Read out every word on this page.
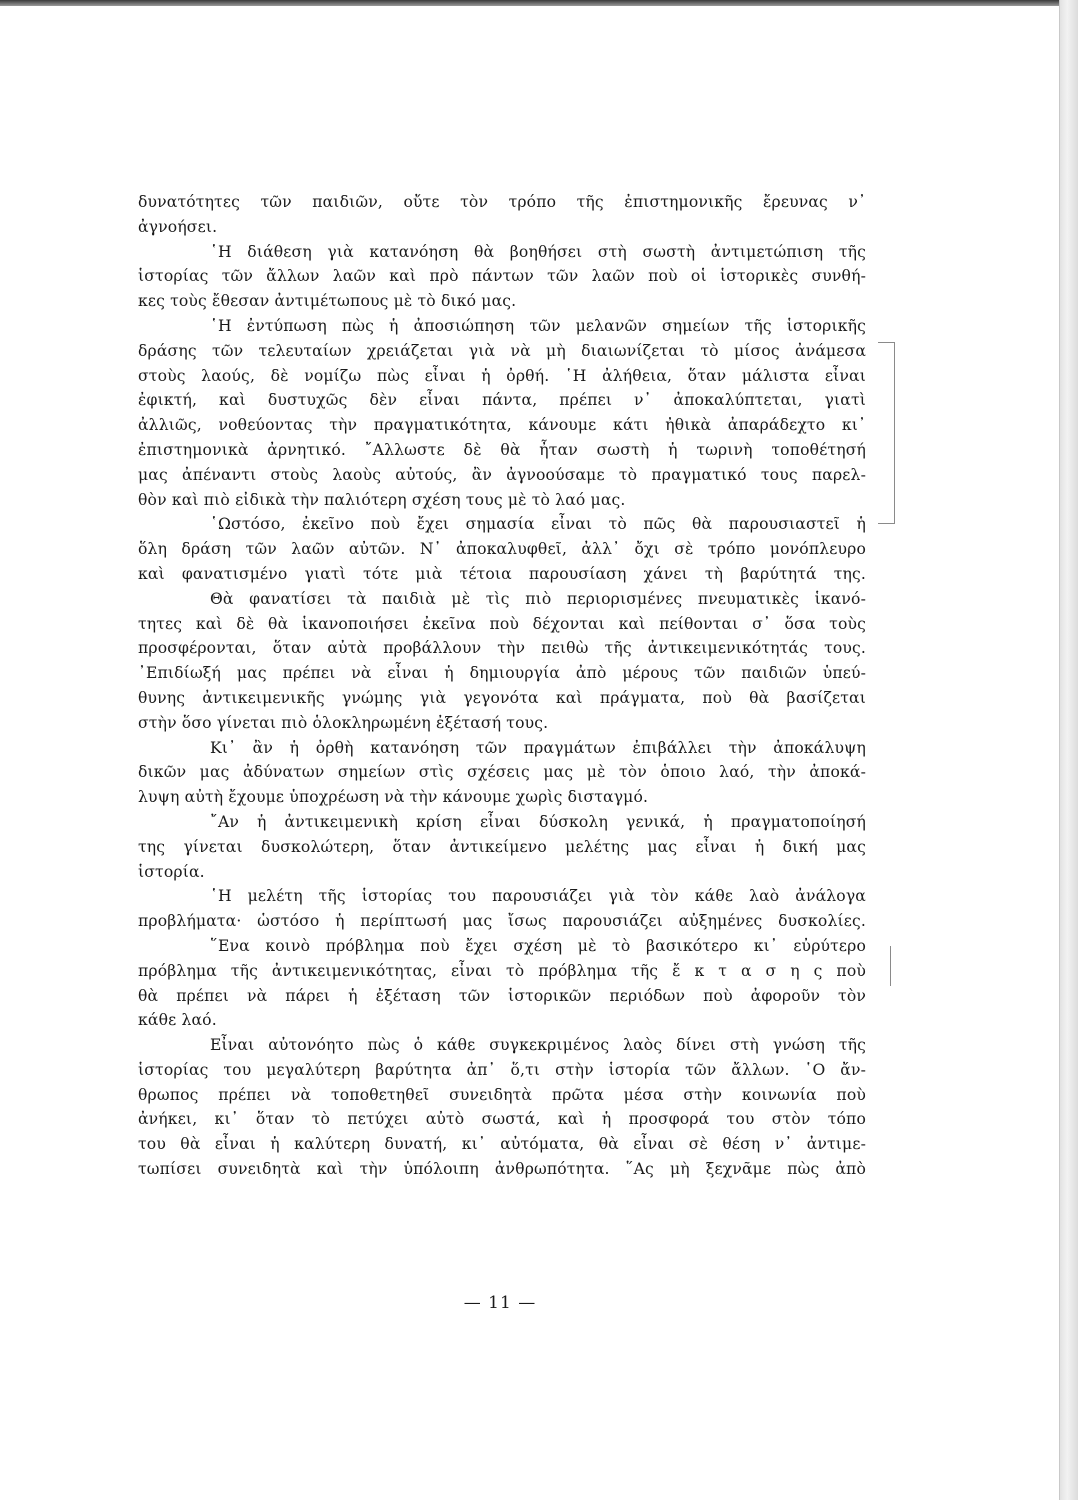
δυνατότητες τῶν παιδιῶν, οὔτε τὸν τρόπο τῆς ἐπιστημονικῆς ἔρευνας ν᾿
ἀγνοήσει.
῾Η διάθεση γιὰ κατανόηση θὰ βοηθήσει στὴ σωστὴ ἀντιμετώπιση τῆς
ἱστορίας τῶν ἄλλων λαῶν καὶ πρὸ πάντων τῶν λαῶν ποὺ οἱ ἱστορικὲς συνθή-
κες τοὺς ἔθεσαν ἀντιμέτωπους μὲ τὸ δικό μας.
῾Η ἐντύπωση πὼς ἡ ἀποσιώπηση τῶν μελανῶν σημείων τῆς ἱστορικῆς
δράσης τῶν τελευταίων χρειάζεται γιὰ νὰ μὴ διαιωνίζεται τὸ μίσος ἀνάμεσα
στοὺς λαούς, δὲ νομίζω πὼς εἶναι ἡ ὀρθή. ῾Η ἀλήθεια, ὅταν μάλιστα εἶναι
ἐφικτή, καὶ δυστυχῶς δὲν εἶναι πάντα, πρέπει ν᾿ ἀποκαλύπτεται, γιατὶ
ἀλλιῶς, νοθεύοντας τὴν πραγματικότητα, κάνουμε κάτι ἠθικὰ ἀπαράδεχτο κι᾿
ἐπιστημονικὰ ἀρνητικό. ῎Αλλωστε δὲ θὰ ἦταν σωστὴ ἡ τωρινὴ τοποθέτησή
μας ἀπέναντι στοὺς λαοὺς αὐτούς, ἂν ἀγνοούσαμε τὸ πραγματικό τους παρελ-
θὸν καὶ πιὸ εἰδικὰ τὴν παλιότερη σχέση τους μὲ τὸ λαό μας.
῾Ωστόσο, ἐκεῖνο ποὺ ἔχει σημασία εἶναι τὸ πῶς θὰ παρουσιαστεῖ ἡ
ὅλη δράση τῶν λαῶν αὐτῶν. Ν᾿ ἀποκαλυφθεῖ, ἀλλ᾿ ὄχι σὲ τρόπο μονόπλευρο
καὶ φανατισμένο γιατὶ τότε μιὰ τέτοια παρουσίαση χάνει τὴ βαρύτητά της.
Θὰ φανατίσει τὰ παιδιὰ μὲ τὶς πιὸ περιορισμένες πνευματικὲς ἱκανό-
τητες καὶ δὲ θὰ ἱκανοποιήσει ἐκεῖνα ποὺ δέχονται καὶ πείθονται σ᾿ ὅσα τοὺς
προσφέρονται, ὅταν αὐτὰ προβάλλουν τὴν πειθὼ τῆς ἀντικειμενικότητάς τους.
᾿Επιδίωξή μας πρέπει νὰ εἶναι ἡ δημιουργία ἀπὸ μέρους τῶν παιδιῶν ὑπεύ-
θυνης ἀντικειμενικῆς γνώμης γιὰ γεγονότα καὶ πράγματα, ποὺ θὰ βασίζεται
στὴν ὅσο γίνεται πιὸ ὁλοκληρωμένη ἐξέτασή τους.
Κι᾿ ἂν ἡ ὀρθὴ κατανόηση τῶν πραγμάτων ἐπιβάλλει τὴν ἀποκάλυψη
δικῶν μας ἀδύνατων σημείων στὶς σχέσεις μας μὲ τὸν ὁποιο λαό, τὴν ἀποκά-
λυψη αὐτὴ ἔχουμε ὑποχρέωση νὰ τὴν κάνουμε χωρὶς δισταγμό.
῎Αν ἡ ἀντικειμενικὴ κρίση εἶναι δύσκολη γενικά, ἡ πραγματοποίησή
της γίνεται δυσκολώτερη, ὅταν ἀντικείμενο μελέτης μας εἶναι ἡ δική μας
ἱστορία.
῾Η μελέτη τῆς ἱστορίας του παρουσιάζει γιὰ τὸν κάθε λαὸ ἀνάλογα
προβλήματα· ὡστόσο ἡ περίπτωσή μας ἴσως παρουσιάζει αὐξημένες δυσκολίες.
῞Ενα κοινὸ πρόβλημα ποὺ ἔχει σχέση μὲ τὸ βασικότερο κι᾿ εὐρύτερο
πρόβλημα τῆς ἀντικειμενικότητας, εἶναι τὸ πρόβλημα τῆς ἔ κ τ α σ η ς ποὺ
θὰ πρέπει νὰ πάρει ἡ ἐξέταση τῶν ἱστορικῶν περιόδων ποὺ ἀφοροῦν τὸν
κάθε λαό.
Εἶναι αὐτονόητο πὼς ὁ κάθε συγκεκριμένος λαὸς δίνει στὴ γνώση τῆς
ἱστορίας του μεγαλύτερη βαρύτητα ἀπ᾿ ὅ,τι στὴν ἱστορία τῶν ἄλλων. ῾Ο ἄν-
θρωπος πρέπει νὰ τοποθετηθεῖ συνειδητὰ πρῶτα μέσα στὴν κοινωνία ποὺ
ἀνήκει, κι᾿ ὅταν τὸ πετύχει αὐτὸ σωστά, καὶ ἡ προσφορά του στὸν τόπο
του θὰ εἶναι ἡ καλύτερη δυνατή, κι᾿ αὐτόματα, θὰ εἶναι σὲ θέση ν᾿ ἀντιμε-
τωπίσει συνειδητὰ καὶ τὴν ὑπόλοιπη ἀνθρωπότητα. ῞Ας μὴ ξεχνᾶμε πὼς ἀπὸ
— 11 —
